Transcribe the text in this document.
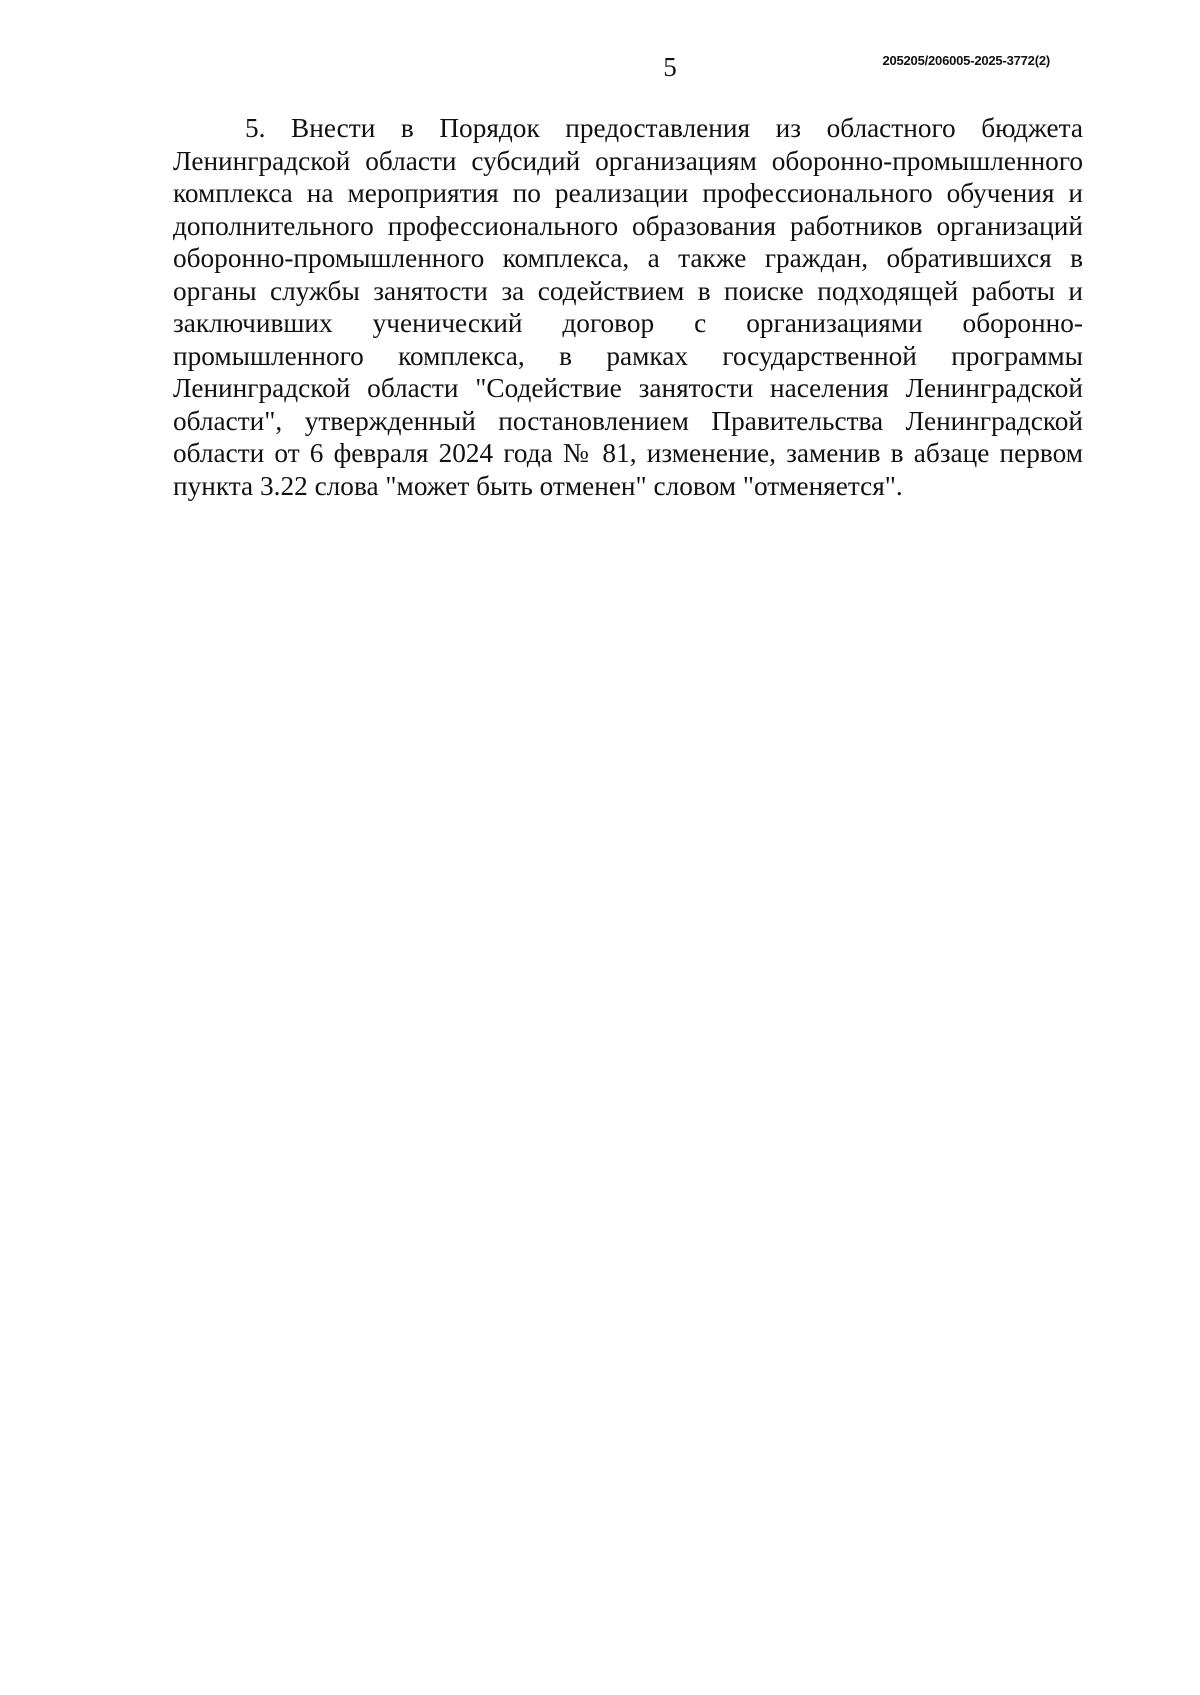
5	205205/206005-2025-3772(2)

5. Внести в Порядок предоставления из областного бюджета Ленинградской области субсидий организациям оборонно-промышленного комплекса на мероприятия по реализации профессионального обучения и дополнительного профессионального образования работников организаций оборонно-промышленного комплекса, а также граждан, обратившихся в органы службы занятости за содействием в поиске подходящей работы и заключивших ученический договор с организациями оборонно-промышленного комплекса, в рамках государственной программы Ленинградской области "Содействие занятости населения Ленинградской области", утвержденный постановлением Правительства Ленинградской области от 6 февраля 2024 года № 81, изменение, заменив в абзаце первом пункта 3.22 слова "может быть отменен" словом "отменяется".
